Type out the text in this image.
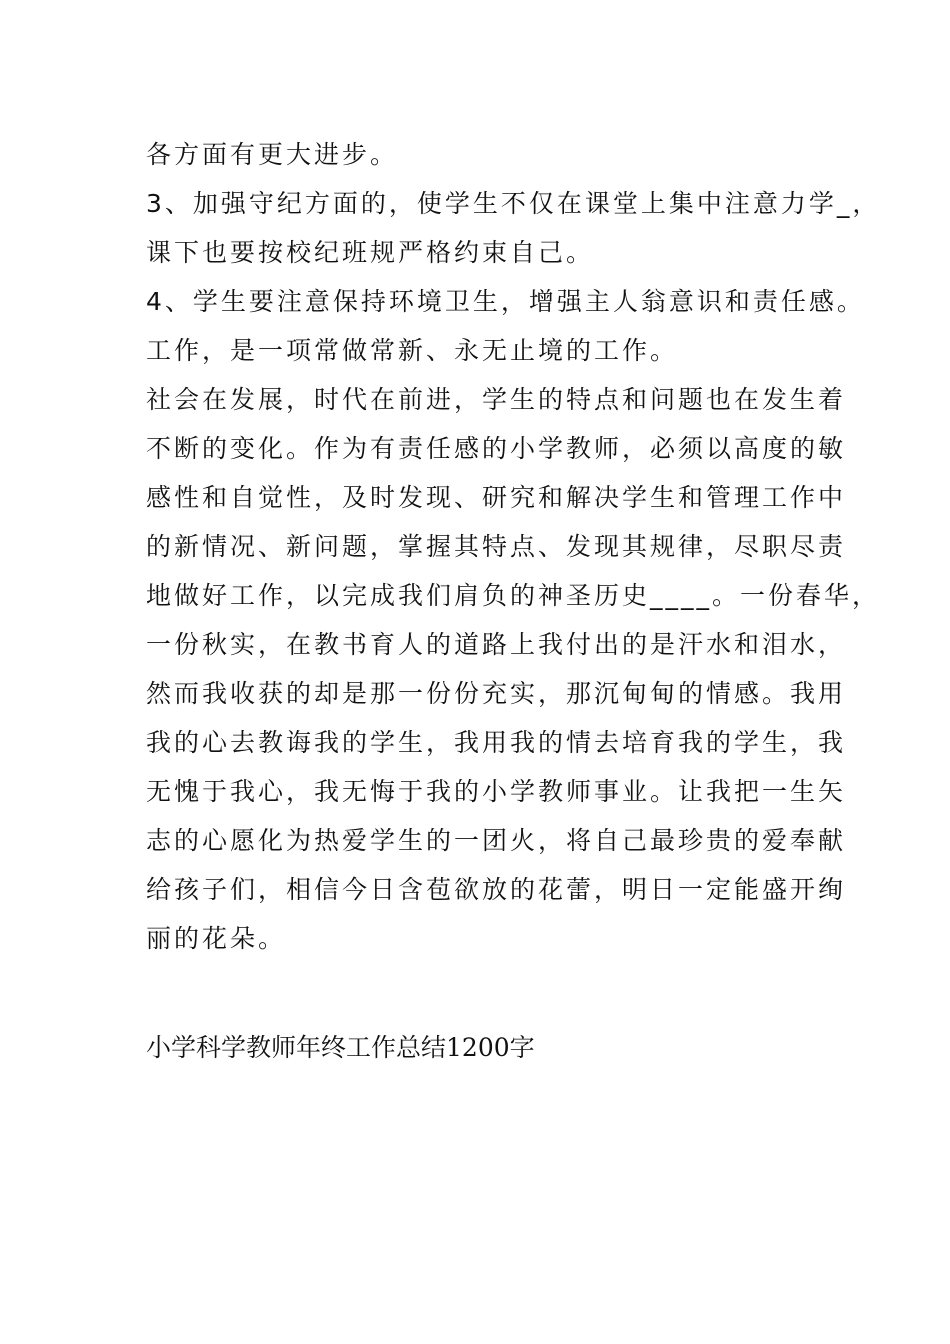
各方面有更大进步。
3、加强守纪方面的，使学生不仅在课堂上集中注意力学_，
课下也要按校纪班规严格约束自己。
4、学生要注意保持环境卫生，增强主人翁意识和责任感。
工作，是一项常做常新、永无止境的工作。
社会在发展，时代在前进，学生的特点和问题也在发生着
不断的变化。作为有责任感的小学教师，必须以高度的敏
感性和自觉性，及时发现、研究和解决学生和管理工作中
的新情况、新问题，掌握其特点、发现其规律，尽职尽责
地做好工作，以完成我们肩负的神圣历史____。一份春华，
一份秋实，在教书育人的道路上我付出的是汗水和泪水，
然而我收获的却是那一份份充实，那沉甸甸的情感。我用
我的心去教诲我的学生，我用我的情去培育我的学生，我
无愧于我心，我无悔于我的小学教师事业。让我把一生矢
志的心愿化为热爱学生的一团火，将自己最珍贵的爱奉献
给孩子们，相信今日含苞欲放的花蕾，明日一定能盛开绚
丽的花朵。
小学科学教师年终工作总结1200字
